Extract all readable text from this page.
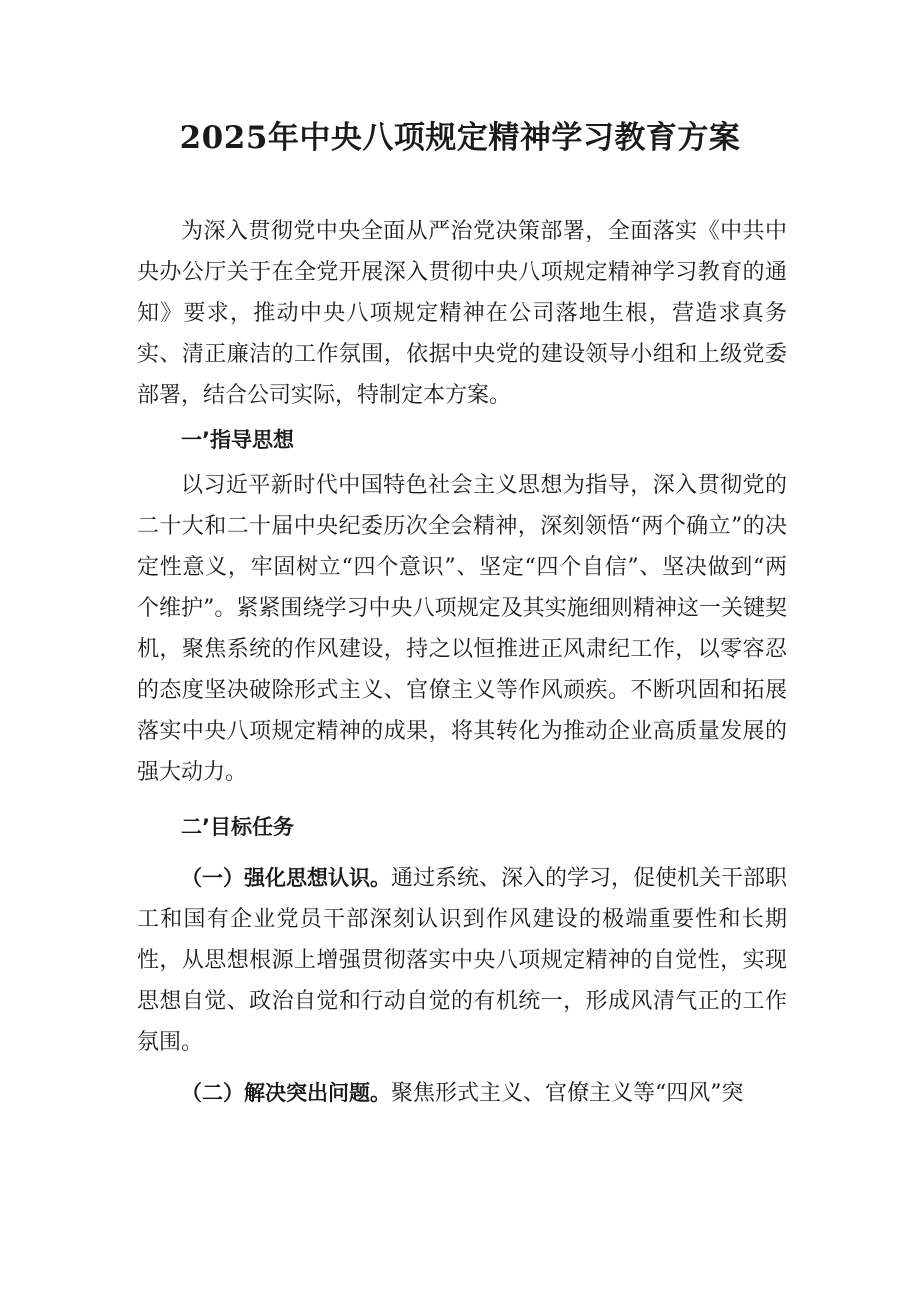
2025年中央八项规定精神学习教育方案

为深入贯彻党中央全面从严治党决策部署，全面落实《中共中央办公厅关于在全党开展深入贯彻中央八项规定精神学习教育的通知》要求，推动中央八项规定精神在公司落地生根，营造求真务实、清正廉洁的工作氛围，依据中央党的建设领导小组和上级党委部署，结合公司实际，特制定本方案。

一’指导思想

以习近平新时代中国特色社会主义思想为指导，深入贯彻党的二十大和二十届中央纪委历次全会精神，深刻领悟“两个确立”的决定性意义，牢固树立“四个意识”、坚定“四个自信”、坚决做到“两个维护”。紧紧围绕学习中央八项规定及其实施细则精神这一关键契机，聚焦系统的作风建设，持之以恒推进正风肃纪工作，以零容忍的态度坚决破除形式主义、官僚主义等作风顽疾。不断巩固和拓展落实中央八项规定精神的成果，将其转化为推动企业高质量发展的强大动力。

二’目标任务

（一）强化思想认识。通过系统、深入的学习，促使机关干部职工和国有企业党员干部深刻认识到作风建设的极端重要性和长期性，从思想根源上增强贯彻落实中央八项规定精神的自觉性，实现思想自觉、政治自觉和行动自觉的有机统一，形成风清气正的工作氛围。

（二）解决突出问题。聚焦形式主义、官僚主义等“四风”突
